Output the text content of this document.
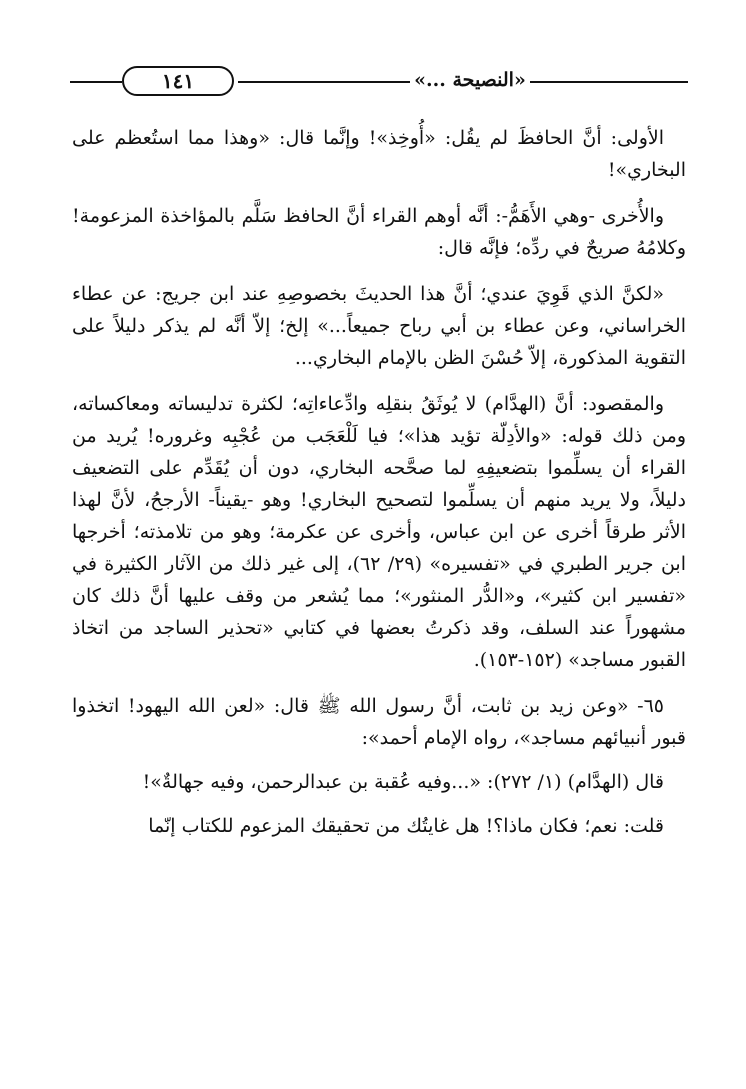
١٤١	«النصيحة ...»

الأولى: أنَّ الحافظَ لم يقُل: «أُوخِذ»! وإنَّما قال: «وهذا مما استُعظم على البخاري»!

والأُخرى -وهي الأَهَمُّ-: أنَّه أوهم القراء أنَّ الحافظ سَلَّم بالمؤاخذة المزعومة! وكلامُهُ صريحٌ في ردِّه؛ فإنَّه قال:

«لكنَّ الذي قَوِيَ عندي؛ أنَّ هذا الحديثَ بخصوصِهِ عند ابن جريج: عن عطاء الخراساني، وعن عطاء بن أبي رباح جميعاً...» إلخ؛ إلاّ أنَّه لم يذكر دليلاً على التقوية المذكورة، إلاّ حُسْنَ الظن بالإمام البخاري...

والمقصود: أنَّ (الهدَّام) لا يُوثَقُ بنقلِه وادِّعاءاتِه؛ لكثرة تدليساته ومعاكساته، ومن ذلك قوله: «والأدِلّة تؤيد هذا»؛ فيا لَلْعَجَب من عُجْبِه وغروره! يُريد من القراء أن يسلِّموا بتضعيفِهِ لما صحَّحه البخاري، دون أن يُقَدِّم على التضعيف دليلاً، ولا يريد منهم أن يسلِّموا لتصحيح البخاري! وهو -يقيناً- الأرجحُ، لأنَّ لهذا الأثر طرقاً أخرى عن ابن عباس، وأخرى عن عكرمة؛ وهو من تلامذته؛ أخرجها ابن جرير الطبري في «تفسيره» (٢٩/ ٦٢)، إلى غير ذلك من الآثار الكثيرة في «تفسير ابن كثير»، و«الدُّر المنثور»؛ مما يُشعر من وقف عليها أنَّ ذلك كان مشهوراً عند السلف، وقد ذكرتُ بعضها في كتابي «تحذير الساجد من اتخاذ القبور مساجد» (١٥٢-١٥٣).

٦٥- «وعن زيد بن ثابت، أنَّ رسول الله ﷺ قال: «لعن الله اليهود! اتخذوا قبور أنبيائهم مساجد»، رواه الإمام أحمد»:

قال (الهدَّام) (١/ ٢٧٢): «...وفيه عُقبة بن عبدالرحمن، وفيه جهالةٌ»!

قلت: نعم؛ فكان ماذا؟! هل غايتُك من تحقيقك المزعوم للكتاب إنّما
